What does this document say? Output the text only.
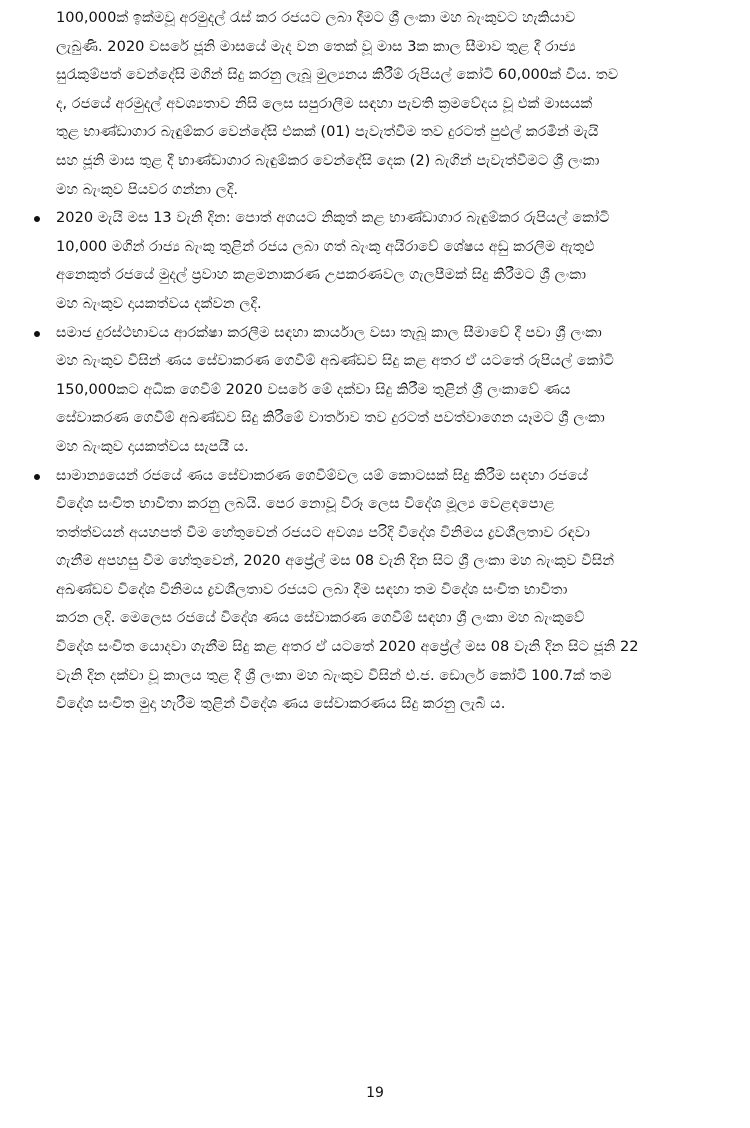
100,000ක් ඉක්මවූ අරමුදල් රැස් කර රජයට ලබා දීමට ශ්‍රී ලංකා මහ බැංකුවට හැකියාව
ලැබුණි. 2020 වසරේ ජූනි මාසයේ මැද වන තෙක් වූ මාස 3ක කාල සීමාව තුළ දී රාජ්‍ය
සුරැකුම්පත් වෙන්දේසි මගින් සිදු කරනු ලැබූ මුල්‍යනය කිරීම් රුපියල් කෝටි 60,000ක් විය. තව
ද, රජයේ අරමුදල් අවශ්‍යතාව නිසි ලෙස සපුරාලීම සඳහා පැවති ක්‍රමවේදය වූ එක් මාසයක්
තුළ භාණ්ඩාගාර බැඳුම්කර වෙන්දේසි එකක් (01) පැවැත්වීම තව දුරටත් පුළුල් කරමින් මැයි
සහ ජූනි මාස තුළ දී භාණ්ඩාගාර බැඳුම්කර වෙන්දේසි දෙක (2) බැගින් පැවැත්වීමට ශ්‍රී ලංකා
මහ බැංකුව පියවර ගන්නා ලදි.
2020 මැයි මස 13 වැනි දින: පොත් අගයට නිකුත් කළ භාණ්ඩාගාර බැඳුම්කර රුපියල් කෝටි
10,000 මගින් රාජ්‍ය බැංකු තුළින් රජය ලබා ගත් බැංකු අයිරාවේ ශේෂය අඩු කරලීම ඇතුළු
අනෙකුත් රජයේ මුදල් ප්‍රවාහ කළමනාකරණ උපකරණවල ගැලපීමක් සිදු කිරීමට ශ්‍රී ලංකා
මහ බැංකුව දායකත්වය දක්වන ලදි.
සමාජ දුරස්ථභාවය ආරක්ෂා කරලීම සඳහා කාර්යාල වසා තැබූ කාල සීමාවේ දී පවා ශ්‍රී ලංකා
මහ බැංකුව විසින් ණය සේවාකරණ ගෙවීම් අඛණ්ඩව සිදු කළ අතර ඒ යටතේ රුපියල් කෝටි
150,000කට අධික ගෙවීම් 2020 වසරේ මේ දක්වා සිදු කිරීම තුළින් ශ්‍රී ලංකාවේ ණය
සේවාකරණ ගෙවීම් අඛණ්ඩව සිදු කිරීමේ වාර්තාව තව දුරටත් පවත්වාගෙන යෑමට ශ්‍රී ලංකා
මහ බැංකුව දායකත්වය සැපයී ය.
සාමාන්‍යයෙන් රජයේ ණය සේවාකරණ ගෙවීම්වල යම් කොටසක් සිදු කිරීම සඳහා රජයේ
විදේශ සංචිත භාවිතා කරනු ලබයි. පෙර නොවූ විරූ ලෙස විදේශ මූල්‍ය වෙළඳපොළ
තත්ත්වයන් අයහපත් වීම හේතුවෙන් රජයට අවශ්‍ය පරිදි විදේශ විනිමය ද්‍රවශීලතාව රඳවා
ගැනීම අපහසු වීම හේතුවෙන්, 2020 අප්‍රේල් මස 08 වැනි දින සිට ශ්‍රී ලංකා මහ බැංකුව විසින්
අඛණ්ඩව විදේශ විනිමය ද්‍රවශීලතාව රජයට ලබා දීම සඳහා තම විදේශ සංචිත භාවිතා
කරන ලදි. මෙලෙස රජයේ විදේශ ණය සේවාකරණ ගෙවීම් සඳහා ශ්‍රී ලංකා මහ බැංකුවේ
විදේශ සංචිත යොදවා ගැනීම සිදු කළ අතර ඒ යටතේ 2020 අප්‍රේල් මස 08 වැනි දින සිට ජූනි 22
වැනි දින දක්වා වූ කාලය තුළ දී ශ්‍රී ලංකා මහ බැංකුව විසින් එ.ජ. ඩොලර් කෝටි 100.7ක් තම
විදේශ සංචිත මුදා හැරීම තුළින් විදේශ ණය සේවාකරණය සිදු කරනු ලැබී ය.
19
